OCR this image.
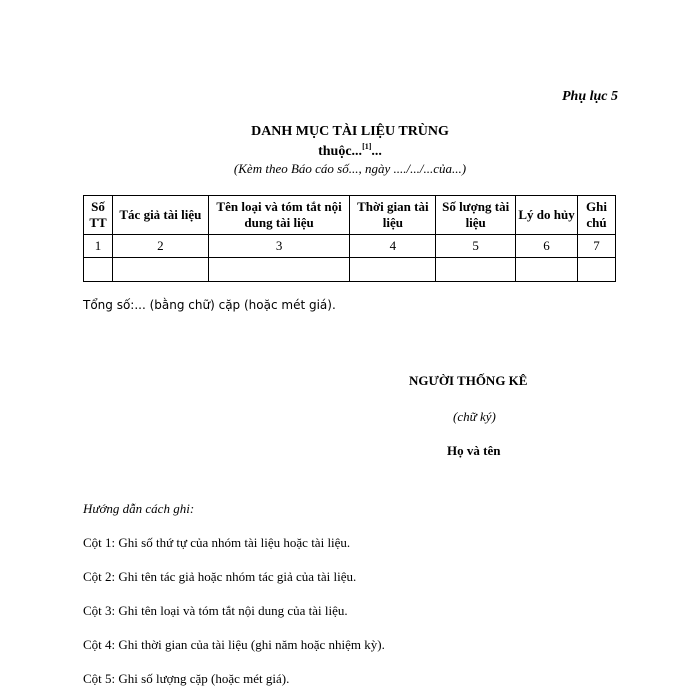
Phụ lục 5
DANH MỤC TÀI LIỆU TRÙNG
thuộc...[1]...
(Kèm theo Báo cáo số..., ngày ..../.../...của...)
Số TT	Tác giả tài liệu	Tên loại và tóm tắt nội dung tài liệu	Thời gian tài liệu	Số lượng tài liệu	Lý do hủy	Ghi chú
1	2	3	4	5	6	7

Tổng số:... (bằng chữ) cặp (hoặc mét giá).
NGƯỜI THỐNG KÊ
(chữ ký)
Họ và tên
Hướng dẫn cách ghi:
Cột 1: Ghi số thứ tự của nhóm tài liệu hoặc tài liệu.
Cột 2: Ghi tên tác giả hoặc nhóm tác giả của tài liệu.
Cột 3: Ghi tên loại và tóm tắt nội dung của tài liệu.
Cột 4: Ghi thời gian của tài liệu (ghi năm hoặc nhiệm kỳ).
Cột 5: Ghi số lượng cặp (hoặc mét giá).
